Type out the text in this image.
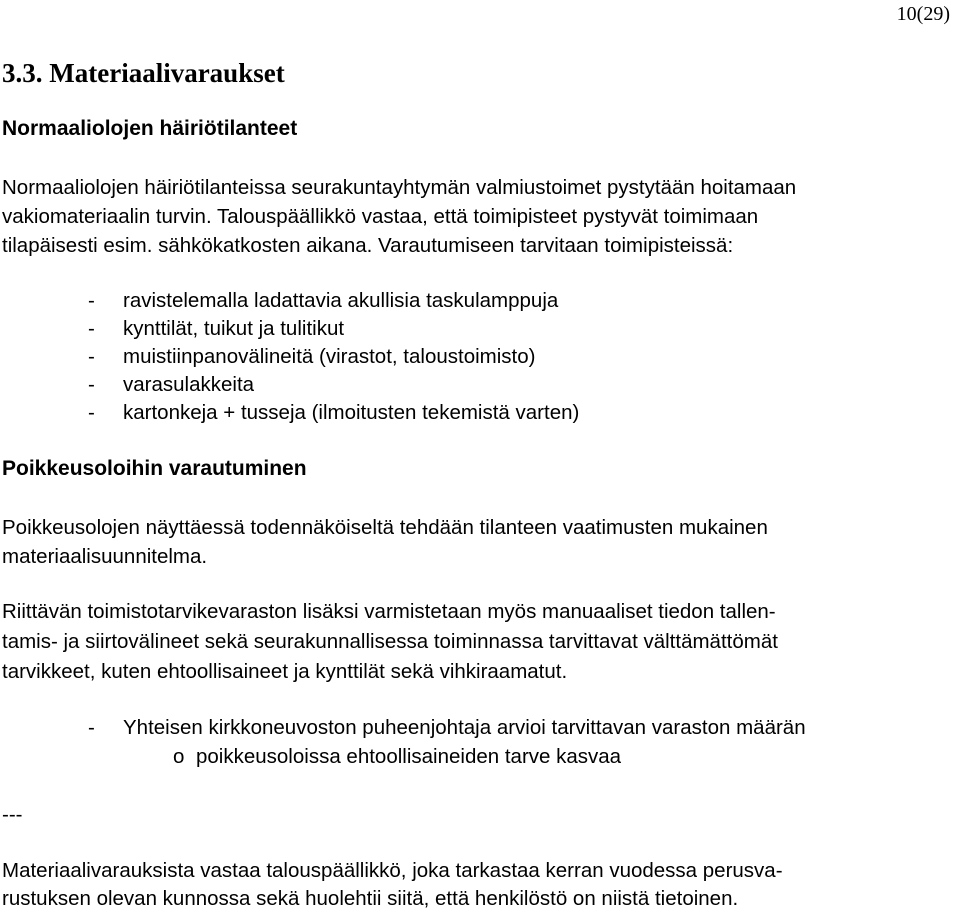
10(29)
3.3. Materiaalivaraukset
Normaaliolojen häiriötilanteet
Normaaliolojen häiriötilanteissa seurakuntayhtymän valmiustoimet pystytään hoitamaan
vakiomateriaalin turvin. Talouspäällikkö vastaa, että toimipisteet pystyvät toimimaan
tilapäisesti esim. sähkökatkosten aikana. Varautumiseen tarvitaan toimipisteissä:
- ravistelemalla ladattavia akullisia taskulamppuja
- kynttilät, tuikut ja tulitikut
- muistiinpanovälineitä (virastot, taloustoimisto)
- varasulakkeita
- kartonkeja + tusseja (ilmoitusten tekemistä varten)
Poikkeusoloihin varautuminen
Poikkeusolojen näyttäessä todennäköiseltä tehdään tilanteen vaatimusten mukainen
materiaalisuunnitelma.
Riittävän toimistotarvikevaraston lisäksi varmistetaan myös manuaaliset tiedon tallen-
tamis- ja siirtovälineet sekä seurakunnallisessa toiminnassa tarvittavat välttämättömät
tarvikkeet, kuten ehtoollisaineet ja kynttilät sekä vihkiraamatut.
- Yhteisen kirkkoneuvoston puheenjohtaja arvioi tarvittavan varaston määrän
o poikkeusoloissa ehtoollisaineiden tarve kasvaa
---
Materiaalivarauksista vastaa talouspäällikkö, joka tarkastaa kerran vuodessa perusva-
rustuksen olevan kunnossa sekä huolehtii siitä, että henkilöstö on niistä tietoinen.
